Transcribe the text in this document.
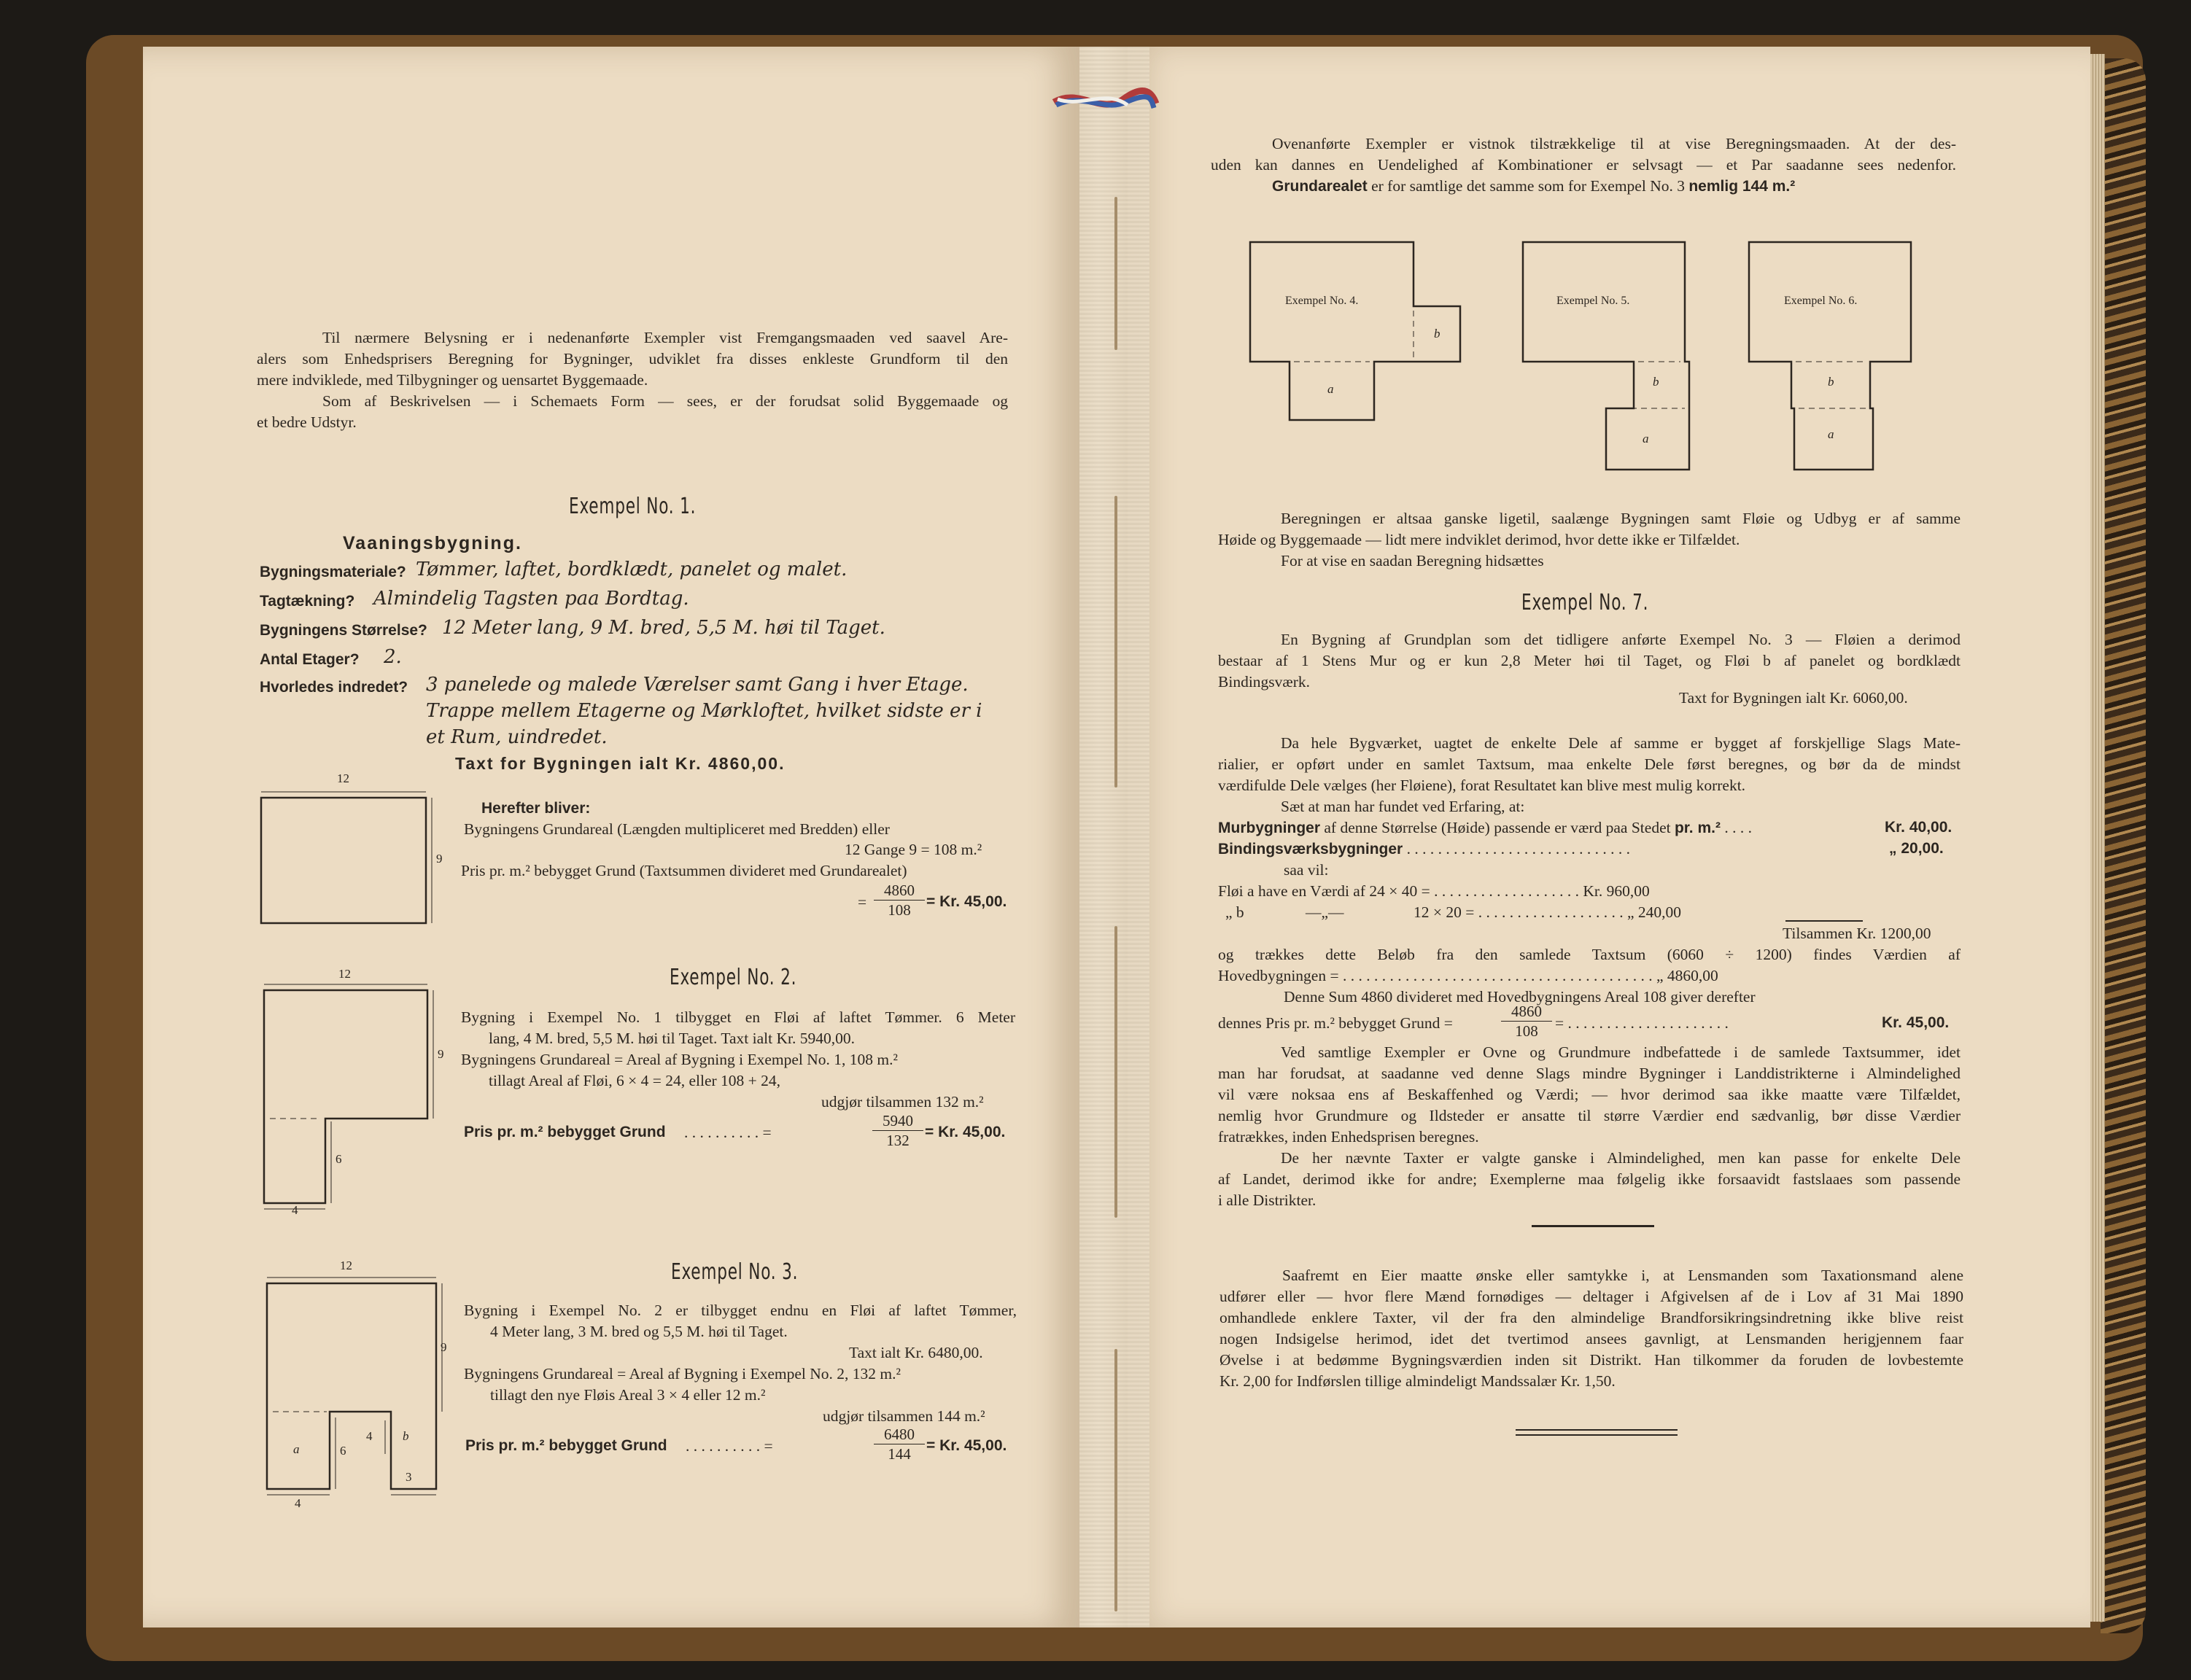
Til nærmere Belysning er i nedenanførte Exempler vist Fremgangsmaaden ved saavel Are-
alers som Enhedsprisers Beregning for Bygninger, udviklet fra disses enkleste Grundform til den
mere indviklede, med Tilbygninger og uensartet Byggemaade.
Som af Beskrivelsen — i Schemaets Form — sees, er der forudsat solid Byggemaade og
et bedre Udstyr.
Exempel No. 1.
Vaaningsbygning.
Bygningsmateriale? Tømmer, laftet, bordklædt, panelet og malet.
Tagtækning? Almindelig Tagsten paa Bordtag.
Bygningens Størrelse? 12 Meter lang, 9 M. bred, 5,5 M. høi til Taget.
Antal Etager? 2.
Hvorledes indredet? 3 panelede og malede Værelser samt Gang i hver Etage.
Trappe mellem Etagerne og Mørkloftet, hvilket sidste er i
et Rum, uindredet.
Taxt for Bygningen ialt Kr. 4860,00.
12
9
Herefter bliver:
Bygningens Grundareal (Længden multipliceret med Bredden) eller
12 Gange 9 = 108 m.²
Pris pr. m.² bebygget Grund (Taxtsummen divideret med Grundarealet)
= $\frac{4860}{108} = Kr$. 45,00.
Exempel No. 2.
12
9
6
4
Bygning i Exempel No. 1 tilbygget en Fløi af laftet Tømmer. 6 Meter
lang, 4 M. bred, 5,5 M. høi til Taget. Taxt ialt Kr. 5940,00.
Bygningens Grundareal = Areal af Bygning i Exempel No. 1, 108 m.²
tillagt Areal af Fløi, 6 × 4 = 24, eller 108 + 24,
udgjør tilsammen 132 m.²
Pris pr. m.² bebygget Grund . . . . . . . . . . =	$\frac{5940}{132} = Kr$. 45,00.
Exempel No. 3.
12
9
a	6
4 b
4
3
Bygning i Exempel No. 2 er tilbygget endnu en Fløi af laftet Tømmer,
4 Meter lang, 3 M. bred og 5,5 M. høi til Taget.
Taxt ialt Kr. 6480,00.
Bygningens Grundareal = Areal af Bygning i Exempel No. 2, 132 m.²
tillagt den nye Fløis Areal 3 × 4 eller 12 m.²
udgjør tilsammen 144 m.²
Pris pr. m.² bebygget Grund . . . . . . . . . . =	$\frac{6480}{144} = Kr$. 45,00.
Ovenanførte Exempler er vistnok tilstrækkelige til at vise Beregningsmaaden. At der des-
uden kan dannes en Uendelighed af Kombinationer er selvsagt — et Par saadanne sees nedenfor.
Grundarealet er for samtlige det samme som for Exempel No. 3 nemlig 144 m.²
Exempel No. 4.
b
a
Exempel No. 5.
b
a
Exempel No. 6.
b
a
Beregningen er altsaa ganske ligetil, saalænge Bygningen samt Fløie og Udbyg er af samme
Høide og Byggemaade — lidt mere indviklet derimod, hvor dette ikke er Tilfældet.
For at vise en saadan Beregning hidsættes
Exempel No. 7.
En Bygning af Grundplan som det tidligere anførte Exempel No. 3 — Fløien a derimod
bestaar af 1 Stens Mur og er kun 2,8 Meter høi til Taget, og Fløi b af panelet og bordklædt
Bindingsværk.
Taxt for Bygningen ialt Kr. 6060,00.
Da hele Bygværket, uagtet de enkelte Dele af samme er bygget af forskjellige Slags Mate-
rialier, er opført under en samlet Taxtsum, maa enkelte Dele først beregnes, og bør da de mindst
værdifulde Dele vælges (her Fløiene), forat Resultatet kan blive mest mulig korrekt.
Sæt at man har fundet ved Erfaring, at:
Murbygninger af denne Størrelse (Høide) passende er værd paa Stedet pr. m.² . . . .	Kr. 40,00.
Bindingsværksbygninger . . . . . . . . . . . . . . . . . . . . . . . . . . . . .	„ 20,00.
saa vil:
Fløi a have en Værdi af 24 × 40 = . . . . . . . . . . . . . . . . . . . Kr. 960,00
„ b	—„—	12 × 20 = . . . . . . . . . . . . . . . . . . . „ 240,00
Tilsammen Kr. 1200,00
og trækkes dette Beløb fra den samlede Taxtsum (6060 ÷ 1200) findes Værdien af
Hovedbygningen = . . . . . . . . . . . . . . . . . . . . . . . . . . . . . . . . . . . . . . . . „ 4860,00
Denne Sum 4860 divideret med Hovedbygningens Areal 108 giver derefter
dennes Pris pr. m.² bebygget Grund =	$\frac{4860}{108}$ = . . . . . . . . . . . . . . . . . . . . .	Kr. 45,00.
Ved samtlige Exempler er Ovne og Grundmure indbefattede i de samlede Taxtsummer, idet
man har forudsat, at saadanne ved denne Slags mindre Bygninger i Landdistrikterne i Almindelighed
vil være noksaa ens af Beskaffenhed og Værdi; — hvor derimod saa ikke maatte være Tilfældet,
nemlig hvor Grundmure og Ildsteder er ansatte til større Værdier end sædvanlig, bør disse Værdier
fratrækkes, inden Enhedsprisen beregnes.
De her nævnte Taxter er valgte ganske i Almindelighed, men kan passe for enkelte Dele
af Landet, derimod ikke for andre; Exemplerne maa følgelig ikke forsaavidt fastslaaes som passende
i alle Distrikter.
Saafremt en Eier maatte ønske eller samtykke i, at Lensmanden som Taxationsmand alene
udfører eller — hvor flere Mænd fornødiges — deltager i Afgivelsen af de i Lov af 31 Mai 1890
omhandlede enklere Taxter, vil der fra den almindelige Brandforsikringsindretning ikke blive reist
nogen Indsigelse herimod, idet det tvertimod ansees gavnligt, at Lensmanden herigjennem faar
Øvelse i at bedømme Bygningsværdien inden sit Distrikt. Han tilkommer da foruden de lovbestemte
Kr. 2,00 for Indførslen tillige almindeligt Mandssalær Kr. 1,50.
